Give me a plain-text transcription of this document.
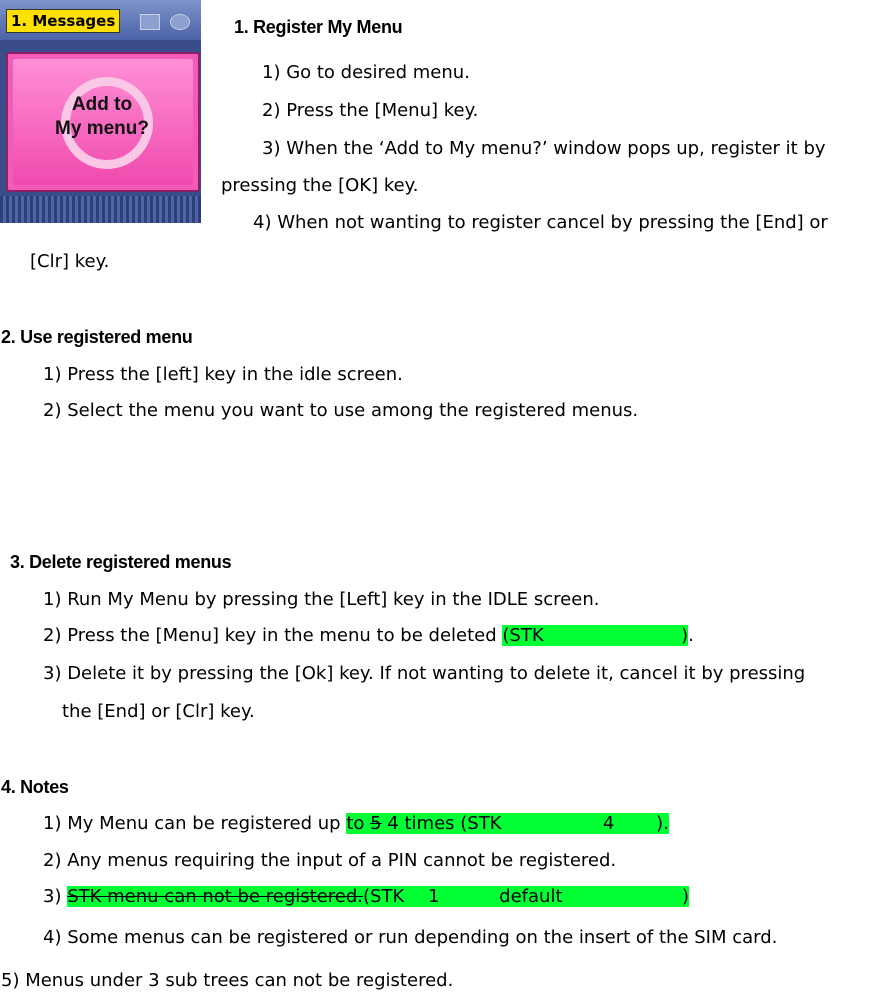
1. Messages
Add to
My menu?
1. Register My Menu
1) Go to desired menu.
2) Press the [Menu] key.
3) When the ‘Add to My menu?’ window pops up, register it by
pressing the [OK] key.
4) When not wanting to register cancel by pressing the [End] or
[Clr] key.
2. Use registered menu
1) Press the [left] key in the idle screen.
2) Select the menu you want to use among the registered menus.
3. Delete registered menus
1) Run My Menu by pressing the [Left] key in the IDLE screen.
2) Press the [Menu] key in the menu to be deleted (STK　 　　　　 　　).
3) Delete it by pressing the [Ok] key. If not wanting to delete it, cancel it by pressing
the [End] or [Clr] key.
4. Notes
1) My Menu can be registered up to 5 4 times (STK　 　　　　 4 　　).
2) Any menus requiring the input of a PIN cannot be registered.
3) STK menu can not be registered.(STK　 1　　　 default 　　　　 　　)
4) Some menus can be registered or run depending on the insert of the SIM card.
5) Menus under 3 sub trees can not be registered.
